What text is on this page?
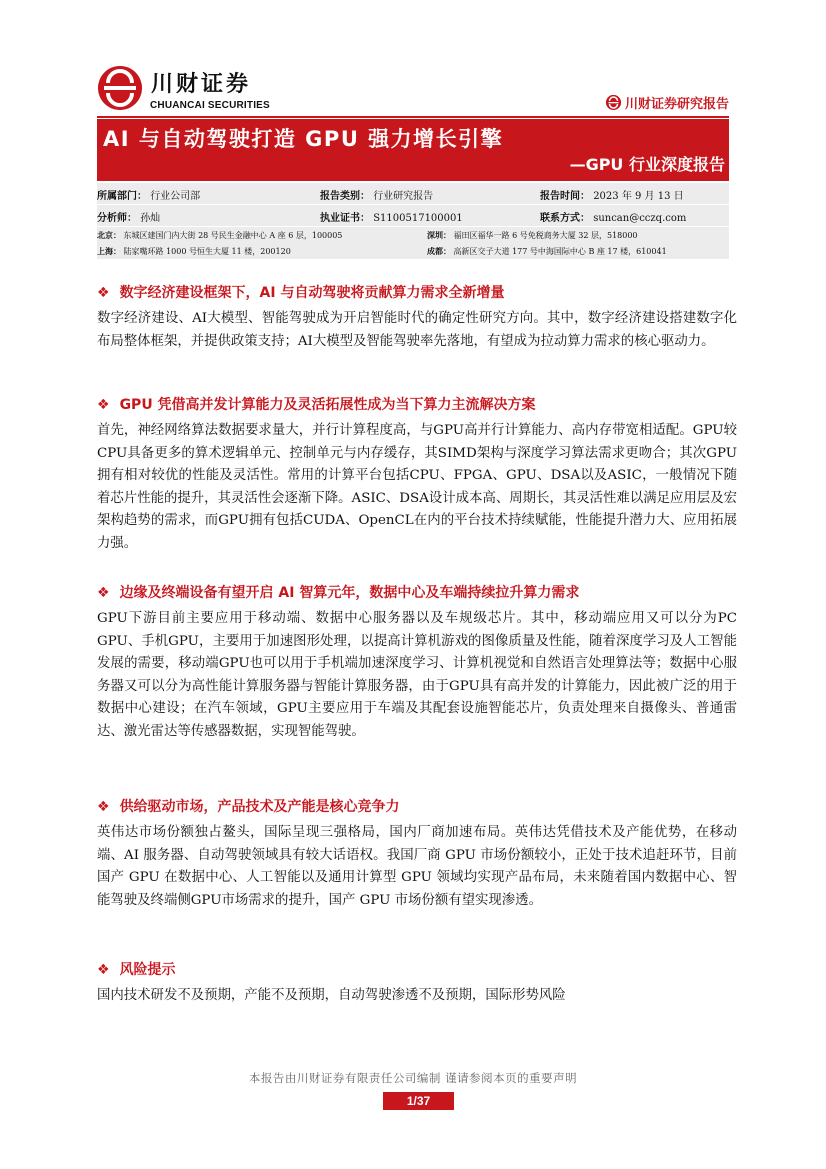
川财证券
CHUANCAI SECURITIES	川财证券研究报告
AI 与自动驾驶打造 GPU 强力增长引擎
—GPU 行业深度报告
所属部门： 行业公司部	报告类别： 行业研究报告	报告时间： 2023 年 9 月 13 日
分析师： 孙灿	执业证书： S1100517100001	联系方式： suncan@cczq.com
北京： 东城区建国门内大街 28 号民生金融中心 A 座 6 层，100005	深圳： 福田区福华一路 6 号免税商务大厦 32 层，518000
上海： 陆家嘴环路 1000 号恒生大厦 11 楼，200120	成都： 高新区交子大道 177 号中海国际中心 B 座 17 楼，610041
❖ 数字经济建设框架下，AI 与自动驾驶将贡献算力需求全新增量
数字经济建设、AI大模型、智能驾驶成为开启智能时代的确定性研究方向。其中，数字经济建设搭建数字化布局整体框架，并提供政策支持；AI大模型及智能驾驶率先落地，有望成为拉动算力需求的核心驱动力。
❖ GPU 凭借高并发计算能力及灵活拓展性成为当下算力主流解决方案
首先，神经网络算法数据要求量大，并行计算程度高，与GPU高并行计算能力、高内存带宽相适配。GPU较CPU具备更多的算术逻辑单元、控制单元与内存缓存，其SIMD架构与深度学习算法需求更吻合；其次GPU拥有相对较优的性能及灵活性。常用的计算平台包括CPU、FPGA、GPU、DSA以及ASIC，一般情况下随着芯片性能的提升，其灵活性会逐渐下降。ASIC、DSA设计成本高、周期长，其灵活性难以满足应用层及宏架构趋势的需求，而GPU拥有包括CUDA、OpenCL在内的平台技术持续赋能，性能提升潜力大、应用拓展力强。
❖ 边缘及终端设备有望开启 AI 智算元年，数据中心及车端持续拉升算力需求
GPU下游目前主要应用于移动端、数据中心服务器以及车规级芯片。其中，移动端应用又可以分为PC GPU、手机GPU，主要用于加速图形处理，以提高计算机游戏的图像质量及性能，随着深度学习及人工智能发展的需要，移动端GPU也可以用于手机端加速深度学习、计算机视觉和自然语言处理算法等；数据中心服务器又可以分为高性能计算服务器与智能计算服务器，由于GPU具有高并发的计算能力，因此被广泛的用于数据中心建设；在汽车领域，GPU主要应用于车端及其配套设施智能芯片，负责处理来自摄像头、普通雷达、激光雷达等传感器数据，实现智能驾驶。
❖ 供给驱动市场，产品技术及产能是核心竞争力
英伟达市场份额独占鳌头，国际呈现三强格局，国内厂商加速布局。英伟达凭借技术及产能优势，在移动端、AI 服务器、自动驾驶领域具有较大话语权。我国厂商 GPU 市场份额较小，正处于技术追赶环节，目前国产 GPU 在数据中心、人工智能以及通用计算型 GPU 领域均实现产品布局，未来随着国内数据中心、智能驾驶及终端侧GPU市场需求的提升，国产 GPU 市场份额有望实现渗透。
❖ 风险提示
国内技术研发不及预期，产能不及预期，自动驾驶渗透不及预期，国际形势风险
本报告由川财证券有限责任公司编制 谨请参阅本页的重要声明
1/37
